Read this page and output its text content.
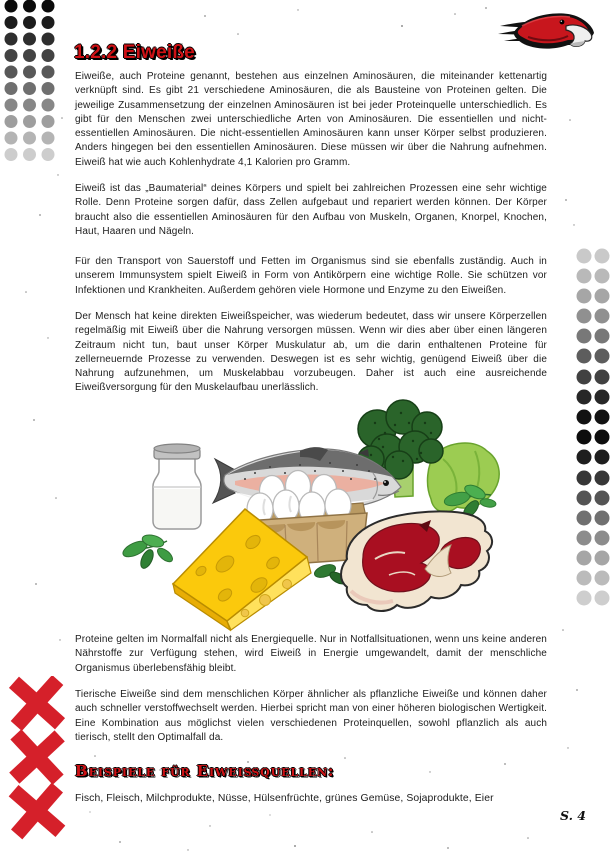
1.2.2 Eiweiße

Eiweiße, auch Proteine genannt, bestehen aus einzelnen Aminosäuren, die miteinander kettenartig verknüpft sind. Es gibt 21 verschiedene Aminosäuren, die als Bausteine von Proteinen gelten. Die jeweilige Zusammensetzung der einzelnen Aminosäuren ist bei jeder Proteinquelle unterschiedlich. Es gibt für den Menschen zwei unterschiedliche Arten von Aminosäuren. Die essentiellen und nicht-essentiellen Aminosäuren. Die nicht-essentiellen Aminosäuren kann unser Körper selbst produzieren. Anders hingegen bei den essentiellen Aminosäuren. Diese müssen wir über die Nahrung aufnehmen. Eiweiß hat wie auch Kohlenhydrate 4,1 Kalorien pro Gramm.

Eiweiß ist das „Baumaterial“ deines Körpers und spielt bei zahlreichen Prozessen eine sehr wichtige Rolle. Denn Proteine sorgen dafür, dass Zellen aufgebaut und repariert werden können. Der Körper braucht also die essentiellen Aminosäuren für den Aufbau von Muskeln, Organen, Knorpel, Knochen, Haut, Haaren und Nägeln.

Für den Transport von Sauerstoff und Fetten im Organismus sind sie ebenfalls zuständig. Auch in unserem Immunsystem spielt Eiweiß in Form von Antikörpern eine wichtige Rolle. Sie schützen vor Infektionen und Krankheiten. Außerdem gehören viele Hormone und Enzyme zu den Eiweißen.

Der Mensch hat keine direkten Eiweißspeicher, was wiederum bedeutet, dass wir unsere Körperzellen regelmäßig mit Eiweiß über die Nahrung versorgen müssen. Wenn wir dies aber über einen längeren Zeitraum nicht tun, baut unser Körper Muskulatur ab, um die darin enthaltenen Proteine für zellerneuernde Prozesse zu verwenden. Deswegen ist es sehr wichtig, genügend Eiweiß über die Nahrung aufzunehmen, um Muskelabbau vorzubeugen. Daher ist auch eine ausreichende Eiweißversorgung für den Muskelaufbau unerlässlich.

Proteine gelten im Normalfall nicht als Energiequelle. Nur in Notfallsituationen, wenn uns keine anderen Nährstoffe zur Verfügung stehen, wird Eiweiß in Energie umgewandelt, damit der menschliche Organismus überlebensfähig bleibt.

Tierische Eiweiße sind dem menschlichen Körper ähnlicher als pflanzliche Eiweiße und können daher auch schneller verstoffwechselt werden. Hierbei spricht man von einer höheren biologischen Wertigkeit. Eine Kombination aus möglichst vielen verschiedenen Proteinquellen, sowohl pflanzlich als auch tierisch, stellt den Optimalfall da.

Beispiele für Eiweißquellen:

Fisch, Fleisch, Milchprodukte, Nüsse, Hülsenfrüchte, grünes Gemüse, Sojaprodukte, Eier

S. 4
